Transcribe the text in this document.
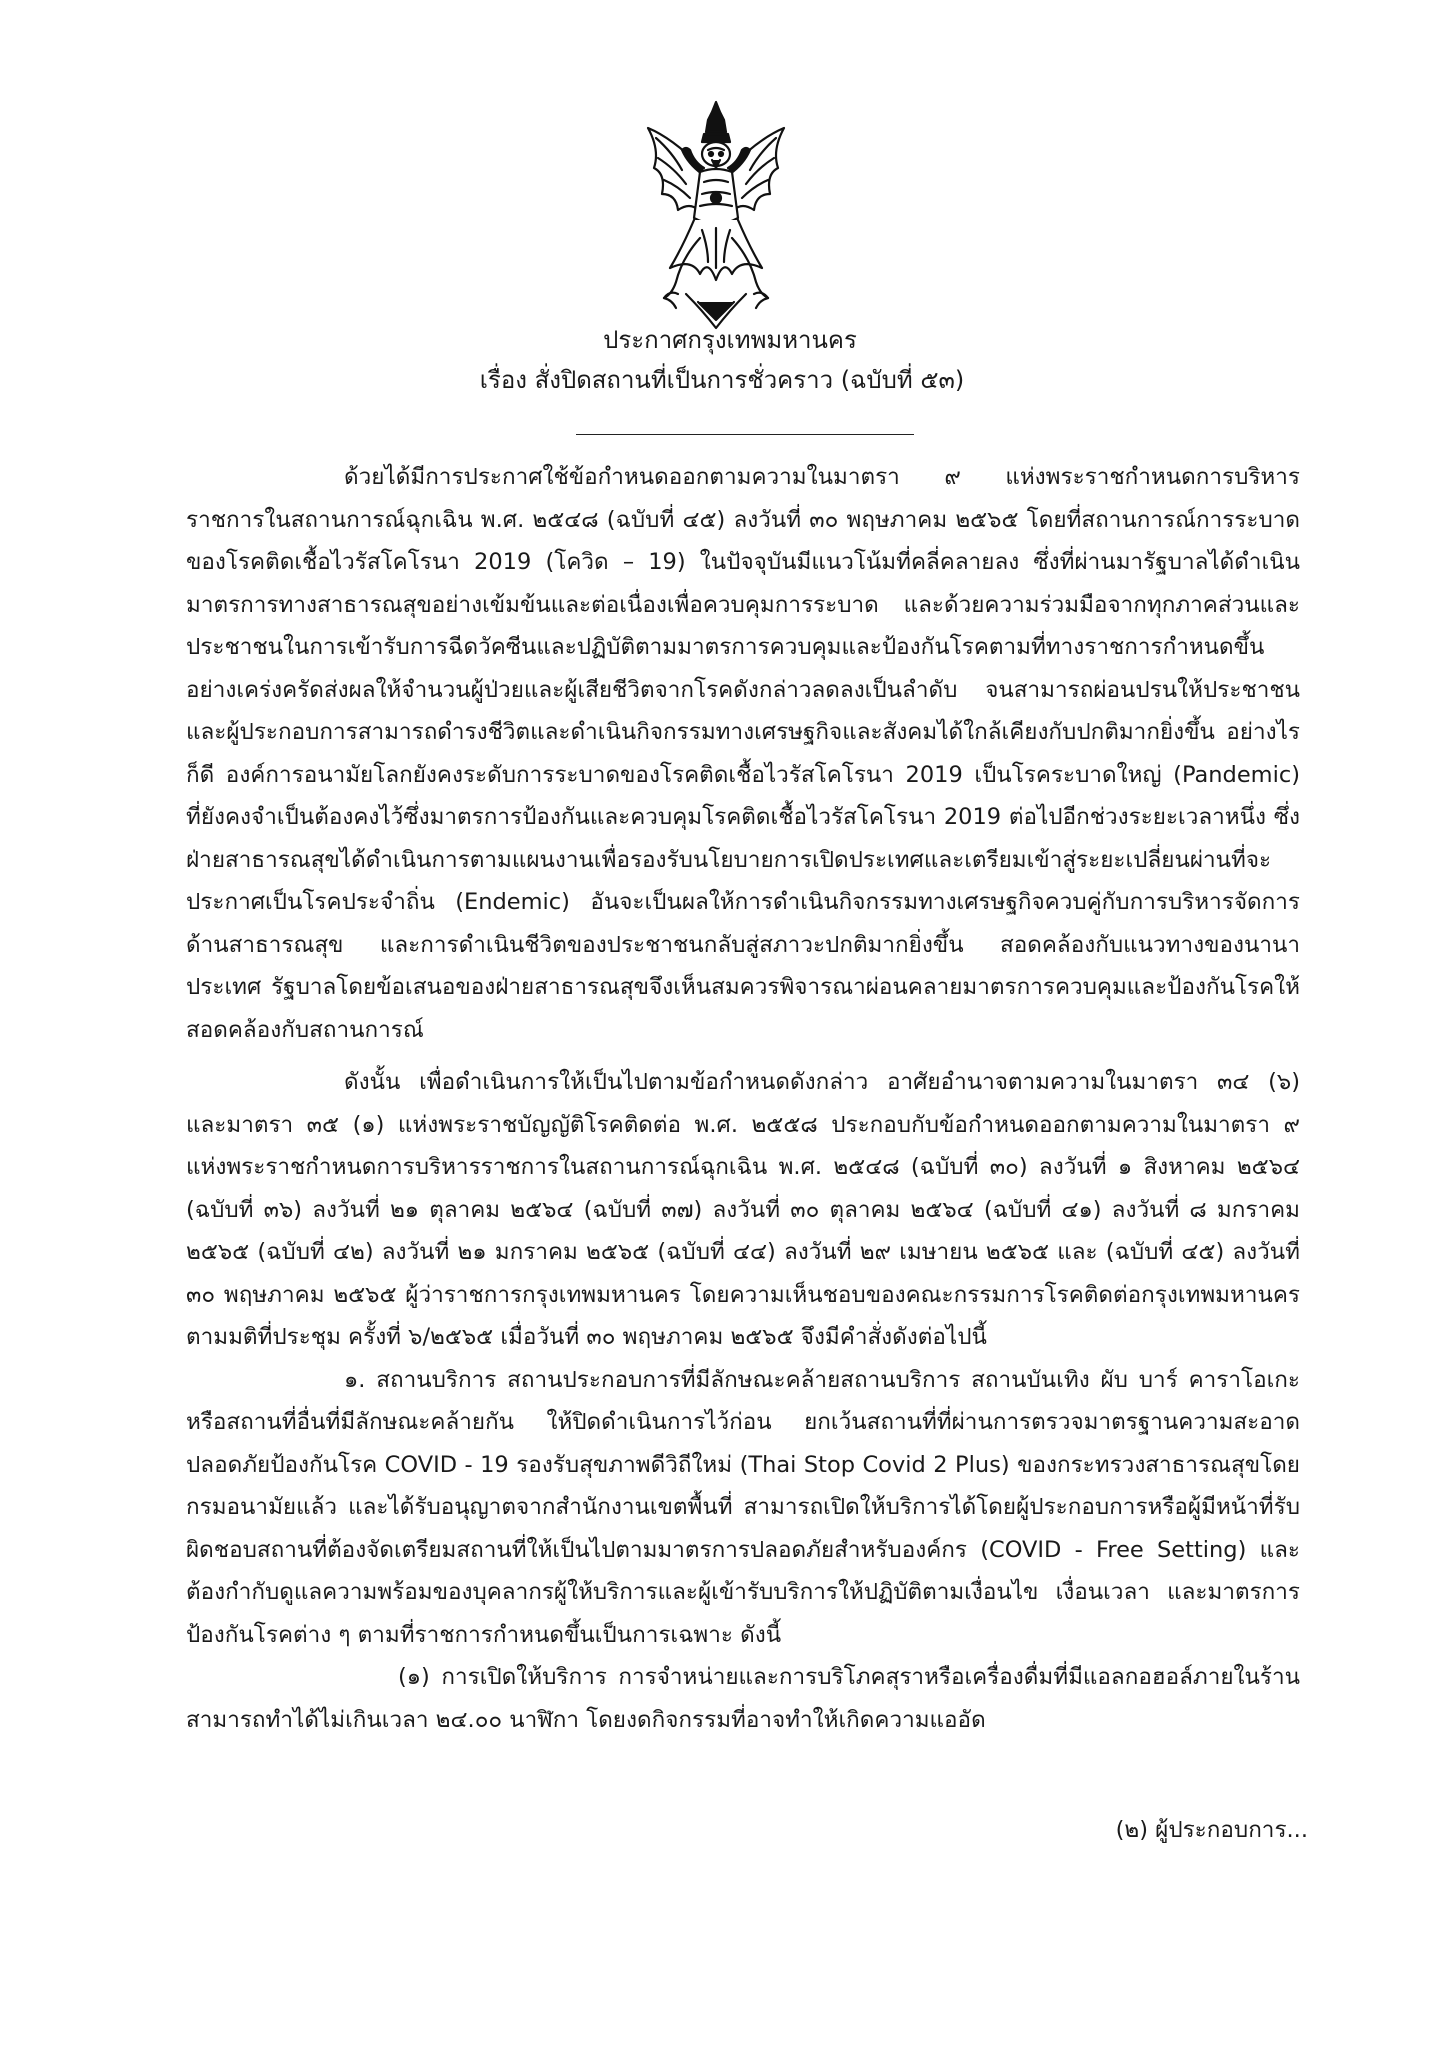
ประกาศกรุงเทพมหานคร
เรื่อง สั่งปิดสถานที่เป็นการชั่วคราว (ฉบับที่ ๕๓)

ด้วยได้มีการประกาศใช้ข้อกำหนดออกตามความในมาตรา ๙ แห่งพระราชกำหนดการบริหารราชการในสถานการณ์ฉุกเฉิน พ.ศ. ๒๕๔๘ (ฉบับที่ ๔๕) ลงวันที่ ๓๐ พฤษภาคม ๒๕๖๕ โดยที่สถานการณ์การระบาดของโรคติดเชื้อไวรัสโคโรนา 2019 (โควิด – 19) ในปัจจุบันมีแนวโน้มที่คลี่คลายลง ซึ่งที่ผ่านมารัฐบาลได้ดำเนินมาตรการทางสาธารณสุขอย่างเข้มข้นและต่อเนื่องเพื่อควบคุมการระบาด และด้วยความร่วมมือจากทุกภาคส่วนและประชาชนในการเข้ารับการฉีดวัคซีนและปฏิบัติตามมาตรการควบคุมและป้องกันโรคตามที่ทางราชการกำหนดขึ้นอย่างเคร่งครัดส่งผลให้จำนวนผู้ป่วยและผู้เสียชีวิตจากโรคดังกล่าวลดลงเป็นลำดับ จนสามารถผ่อนปรนให้ประชาชนและผู้ประกอบการสามารถดำรงชีวิตและดำเนินกิจกรรมทางเศรษฐกิจและสังคมได้ใกล้เคียงกับปกติมากยิ่งขึ้น อย่างไรก็ดี องค์การอนามัยโลกยังคงระดับการระบาดของโรคติดเชื้อไวรัสโคโรนา 2019 เป็นโรคระบาดใหญ่ (Pandemic) ที่ยังคงจำเป็นต้องคงไว้ซึ่งมาตรการป้องกันและควบคุมโรคติดเชื้อไวรัสโคโรนา 2019 ต่อไปอีกช่วงระยะเวลาหนึ่ง ซึ่งฝ่ายสาธารณสุขได้ดำเนินการตามแผนงานเพื่อรองรับนโยบายการเปิดประเทศและเตรียมเข้าสู่ระยะเปลี่ยนผ่านที่จะประกาศเป็นโรคประจำถิ่น (Endemic) อันจะเป็นผลให้การดำเนินกิจกรรมทางเศรษฐกิจควบคู่กับการบริหารจัดการด้านสาธารณสุข และการดำเนินชีวิตของประชาชนกลับสู่สภาวะปกติมากยิ่งขึ้น สอดคล้องกับแนวทางของนานาประเทศ รัฐบาลโดยข้อเสนอของฝ่ายสาธารณสุขจึงเห็นสมควรพิจารณาผ่อนคลายมาตรการควบคุมและป้องกันโรคให้สอดคล้องกับสถานการณ์

ดังนั้น เพื่อดำเนินการให้เป็นไปตามข้อกำหนดดังกล่าว อาศัยอำนาจตามความในมาตรา ๓๔ (๖) และมาตรา ๓๕ (๑) แห่งพระราชบัญญัติโรคติดต่อ พ.ศ. ๒๕๕๘ ประกอบกับข้อกำหนดออกตามความในมาตรา ๙ แห่งพระราชกำหนดการบริหารราชการในสถานการณ์ฉุกเฉิน พ.ศ. ๒๕๔๘ (ฉบับที่ ๓๐) ลงวันที่ ๑ สิงหาคม ๒๕๖๔ (ฉบับที่ ๓๖) ลงวันที่ ๒๑ ตุลาคม ๒๕๖๔ (ฉบับที่ ๓๗) ลงวันที่ ๓๐ ตุลาคม ๒๕๖๔ (ฉบับที่ ๔๑) ลงวันที่ ๘ มกราคม ๒๕๖๕ (ฉบับที่ ๔๒) ลงวันที่ ๒๑ มกราคม ๒๕๖๕ (ฉบับที่ ๔๔) ลงวันที่ ๒๙ เมษายน ๒๕๖๕ และ (ฉบับที่ ๔๕) ลงวันที่ ๓๐ พฤษภาคม ๒๕๖๕ ผู้ว่าราชการกรุงเทพมหานคร โดยความเห็นชอบของคณะกรรมการโรคติดต่อกรุงเทพมหานคร ตามมติที่ประชุม ครั้งที่ ๖/๒๕๖๕ เมื่อวันที่ ๓๐ พฤษภาคม ๒๕๖๕ จึงมีคำสั่งดังต่อไปนี้

๑. สถานบริการ สถานประกอบการที่มีลักษณะคล้ายสถานบริการ สถานบันเทิง ผับ บาร์ คาราโอเกะ หรือสถานที่อื่นที่มีลักษณะคล้ายกัน ให้ปิดดำเนินการไว้ก่อน ยกเว้นสถานที่ที่ผ่านการตรวจมาตรฐานความสะอาดปลอดภัยป้องกันโรค COVID - 19 รองรับสุขภาพดีวิถีใหม่ (Thai Stop Covid 2 Plus) ของกระทรวงสาธารณสุขโดยกรมอนามัยแล้ว และได้รับอนุญาตจากสำนักงานเขตพื้นที่ สามารถเปิดให้บริการได้โดยผู้ประกอบการหรือผู้มีหน้าที่รับผิดชอบสถานที่ต้องจัดเตรียมสถานที่ให้เป็นไปตามมาตรการปลอดภัยสำหรับองค์กร (COVID - Free Setting) และต้องกำกับดูแลความพร้อมของบุคลากรผู้ให้บริการและผู้เข้ารับบริการให้ปฏิบัติตามเงื่อนไข เงื่อนเวลา และมาตรการป้องกันโรคต่าง ๆ ตามที่ราชการกำหนดขึ้นเป็นการเฉพาะ ดังนี้

(๑) การเปิดให้บริการ การจำหน่ายและการบริโภคสุราหรือเครื่องดื่มที่มีแอลกอฮอล์ภายในร้าน สามารถทำได้ไม่เกินเวลา ๒๔.๐๐ นาฬิกา โดยงดกิจกรรมที่อาจทำให้เกิดความแออัด

(๒) ผู้ประกอบการ...
